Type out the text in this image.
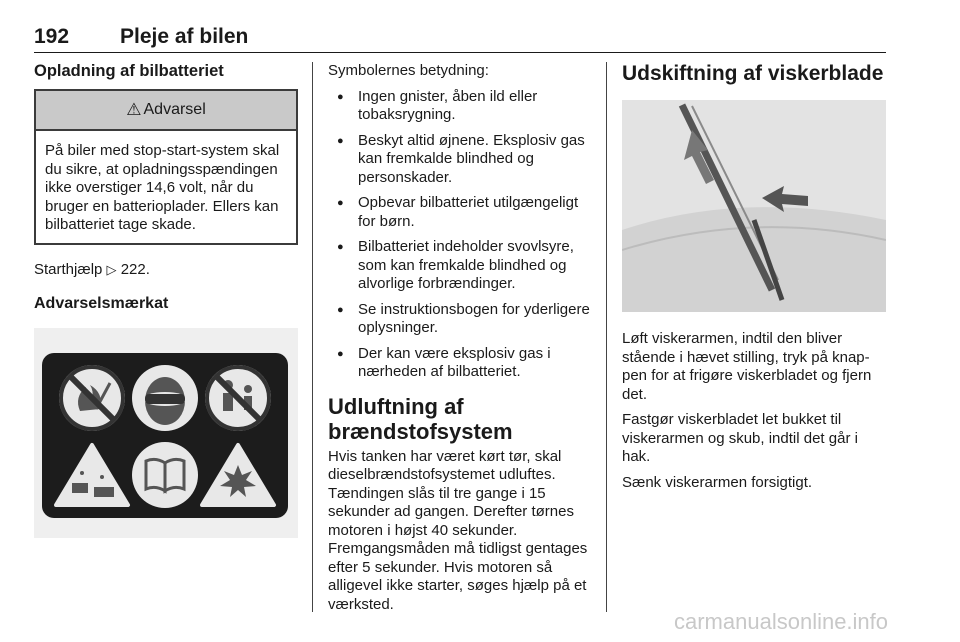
192 Pleje af bilen
Opladning af bilbatteriet
⚠ Advarsel
På biler med stop-start-system skal du sikre, at opladningsspændingen ikke overstiger 14,6 volt, når du bruger en batterioplader. Ellers kan bilbatteriet tage skade.

Starthjælp ▷ 222.

Advarselsmærkat

Symbolernes betydning:

● Ingen gnister, åben ild eller tobaksrygning.
● Beskyt altid øjnene. Eksplosiv gas kan fremkalde blindhed og personskader.
● Opbevar bilbatteriet utilgængeligt for børn.
● Bilbatteriet indeholder svovlsyre, som kan fremkalde blindhed og alvorlige forbrændinger.
● Se instruktionsbogen for yderligere oplysninger.
● Der kan være eksplosiv gas i nærheden af bilbatteriet.
Udluftning af
brændstofsystem

Hvis tanken har været kørt tør, skal dieselbrændstofsystemet udluftes. Tændingen slås til tre gange i 15 sekunder ad gangen. Derefter tørnes motoren i højst 40 sekunder. Fremgangsmåden må tidligst gentages efter 5 sekunder. Hvis motoren så alligevel ikke starter, søges hjælp på et værksted.

Udskiftning af viskerblade

Løft viskerarmen, indtil den bliver stående i hævet stilling, tryk på knappen for at frigøre viskerbladet og fjern det.

Fastgør viskerbladet let bukket til viskerarmen og skub, indtil det går i hak.

Sænk viskerarmen forsigtigt.

carmanualsonline.info
